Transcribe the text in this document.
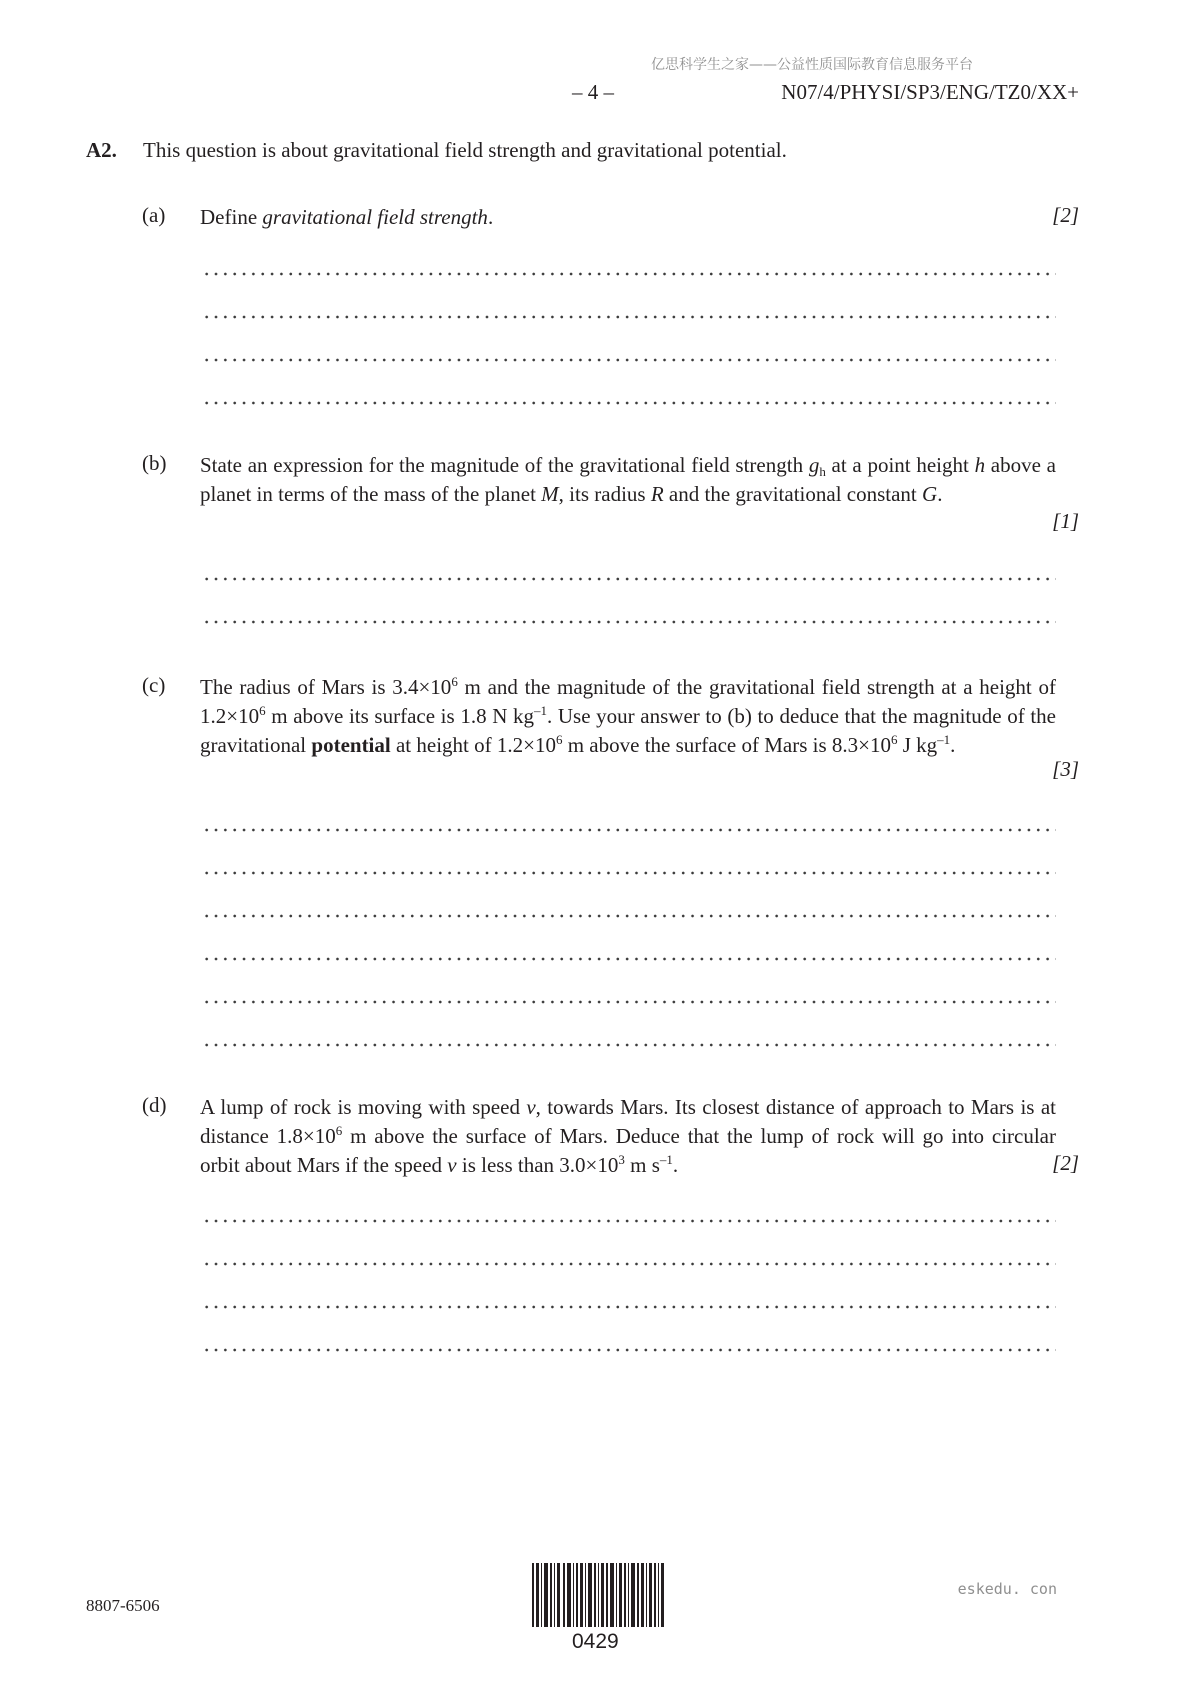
亿思科学生之家——公益性质国际教育信息服务平台
– 4 –	N07/4/PHYSI/SP3/ENG/TZ0/XX+
A2. This question is about gravitational field strength and gravitational potential.
(a) Define gravitational field strength.	[2]
(b) State an expression for the magnitude of the gravitational field strength $g_h$ at a point height h above a planet in terms of the mass of the planet M, its radius R and the gravitational constant G.
[1]
(c) The radius of Mars is $3.4\times 10^6$ m and the magnitude of the gravitational field strength at a height of $1.2\times 10^6$ m above its surface is 1.8 N $kg^{-1}$. Use your answer to (b) to deduce that the magnitude of the gravitational potential at height of $1.2\times 10^6$ m above the surface of Mars is $8.3\times 10^6$ J $kg^{-1}$.
[3]
(d) A lump of rock is moving with speed v, towards Mars. Its closest distance of approach to Mars is at distance $1.8\times 10^6$ m above the surface of Mars. Deduce that the lump of rock will go into circular orbit about Mars if the speed v is less than $3.0\times 10^3$ m $s^{-1}$.	[2]
8807-6506
0429
eskedu. con
